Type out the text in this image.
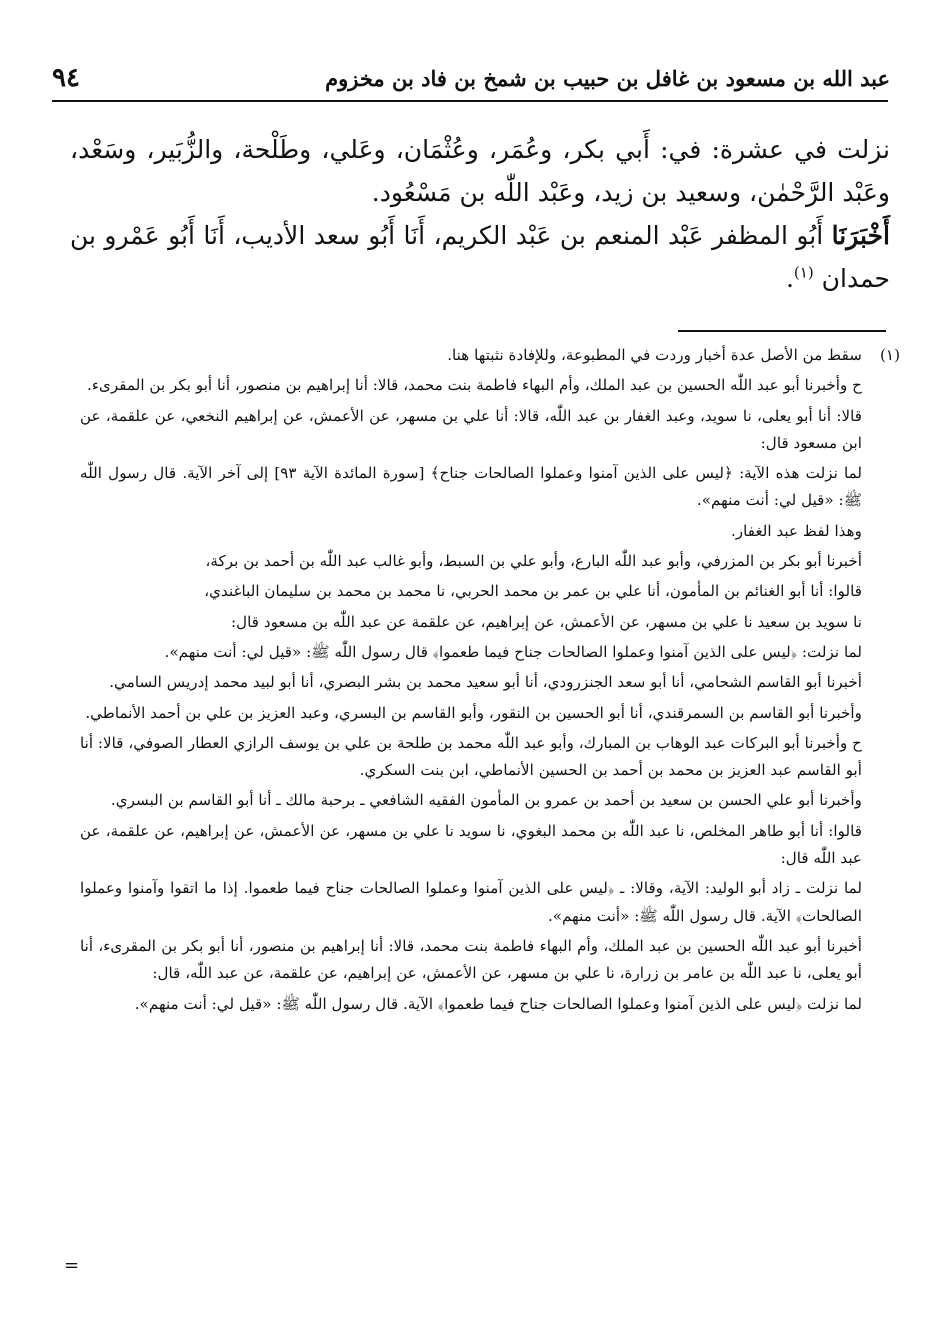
٩٤	عبد الله بن مسعود بن غافل بن حبيب بن شمخ بن فاد بن مخزوم

نزلت في عشرة: في: أَبي بكر، وعُمَر، وعُثْمَان، وعَلي، وطَلْحة، والزُّبَير، وسَعْد، وعَبْد الرَّحْمٰن، وسعيد بن زيد، وعَبْد اللّٰه بن مَسْعُود.

أَخْبَرَنَا أَبُو المظفر عَبْد المنعم بن عَبْد الكريم، أَنَا أَبُو سعد الأديب، أَنَا أَبُو عَمْرو بن حمدان $^{(١)}$.

(١)
سقط من الأصل عدة أخبار وردت في المطبوعة، وللإفادة نثبتها هنا.

ح وأخبرنا أبو عبد اللّٰه الحسين بن عبد الملك، وأم البهاء فاطمة بنت محمد، قالا: أنا إبراهيم بن منصور، أنا أبو بكر بن المقرىء.

قالا: أنا أبو يعلى، نا سويد، وعبد الغفار بن عبد اللّٰه، قالا: أنا علي بن مسهر، عن الأعمش، عن إبراهيم النخعي، عن علقمة، عن ابن مسعود قال:

لما نزلت هذه الآية: ﴿ليس على الذين آمنوا وعملوا الصالحات جناح﴾ [سورة المائدة الآية ٩٣] إلى آخر الآية. قال رسول اللّٰه ﷺ: «قيل لي: أنت منهم».

وهذا لفظ عبد الغفار.

أخبرنا أبو بكر بن المزرفي، وأبو عبد اللّٰه البارع، وأبو علي بن السبط، وأبو غالب عبد اللّٰه بن أحمد بن بركة،

قالوا: أنا أبو الغنائم بن المأمون، أنا علي بن عمر بن محمد الحربي، نا محمد بن محمد بن سليمان الباغندي،

نا سويد بن سعيد نا علي بن مسهر، عن الأعمش، عن إبراهيم، عن علقمة عن عبد اللّٰه بن مسعود قال:

لما نزلت: ﴿ليس على الذين آمنوا وعملوا الصالحات جناح فيما طعموا﴾ قال رسول اللّٰه ﷺ: «قيل لي: أنت منهم».

أخبرنا أبو القاسم الشحامي، أنا أبو سعد الجنزرودي، أنا أبو سعيد محمد بن بشر البصري، أنا أبو لبيد محمد إدريس السامي.

وأخبرنا أبو القاسم بن السمرقندي، أنا أبو الحسين بن النقور، وأبو القاسم بن البسري، وعبد العزيز بن علي بن أحمد الأنماطي.

ح وأخبرنا أبو البركات عبد الوهاب بن المبارك، وأبو عبد اللّٰه محمد بن طلحة بن علي بن يوسف الرازي العطار الصوفي، قالا: أنا أبو القاسم عبد العزيز بن محمد بن أحمد بن الحسين الأنماطي، ابن بنت السكري.

وأخبرنا أبو علي الحسن بن سعيد بن أحمد بن عمرو بن المأمون الفقيه الشافعي ـ برحبة مالك ـ أنا أبو القاسم بن البسري.

قالوا: أنا أبو طاهر المخلص، نا عبد اللّٰه بن محمد البغوي، نا سويد نا علي بن مسهر، عن الأعمش، عن إبراهيم، عن علقمة، عن عبد اللّٰه قال:

لما نزلت ـ زاد أبو الوليد: الآية، وقالا: ـ ﴿ليس على الذين آمنوا وعملوا الصالحات جناح فيما طعموا. إذا ما اتقوا وآمنوا وعملوا الصالحات﴾ الآية. قال رسول اللّٰه ﷺ: «أنت منهم».

أخبرنا أبو عبد اللّٰه الحسين بن عبد الملك، وأم البهاء فاطمة بنت محمد، قالا: أنا إبراهيم بن منصور، أنا أبو بكر بن المقرىء، أنا أبو يعلى، نا عبد اللّٰه بن عامر بن زرارة، نا علي بن مسهر، عن الأعمش، عن إبراهيم، عن علقمة، عن عبد اللّٰه، قال:

لما نزلت ﴿ليس على الذين آمنوا وعملوا الصالحات جناح فيما طعموا﴾ الآية. قال رسول اللّٰه ﷺ: «قيل لي: أنت منهم».

=
